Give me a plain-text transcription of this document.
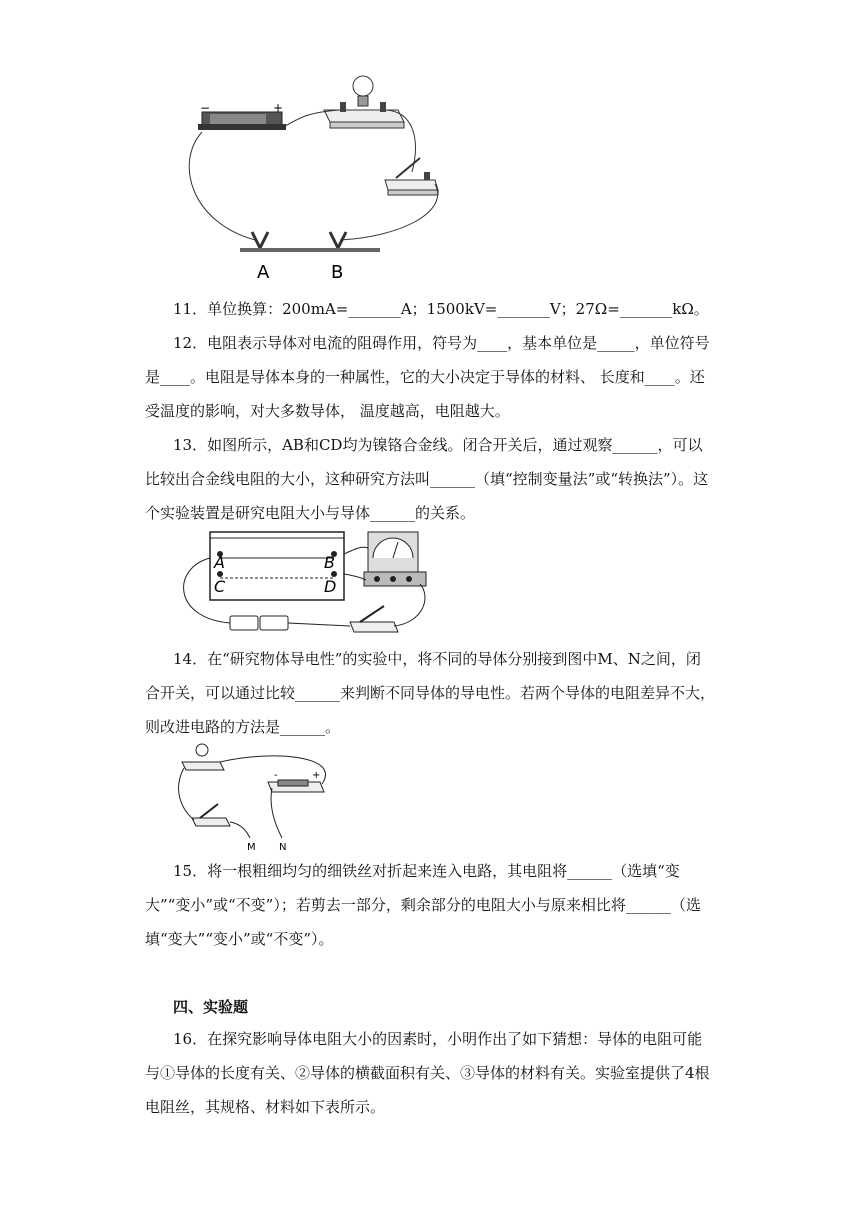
−	+
A	B
11．单位换算：200mA=_______A；1500kV=_______V；27Ω=_______kΩ。
12．电阻表示导体对电流的阻碍作用，符号为____，基本单位是_____，单位符号是____。电阻是导体本身的一种属性，它的大小决定于导体的材料、 长度和____。还受温度的影响，对大多数导体， 温度越高，电阻越大。
13．如图所示，AB和CD均为镍铬合金线。闭合开关后，通过观察______，可以比较出合金线电阻的大小，这种研究方法叫______（填“控制变量法”或“转换法”）。这个实验装置是研究电阻大小与导体______的关系。
A	B
C	D
14．在“研究物体导电性”的实验中，将不同的导体分别接到图中M、N之间，闭合开关，可以通过比较______来判断不同导体的导电性。若两个导体的电阻差异不大，则改进电路的方法是______。
-	+
M N
15．将一根粗细均匀的细铁丝对折起来连入电路，其电阻将______（选填“变大”“变小”或“不变”）；若剪去一部分，剩余部分的电阻大小与原来相比将______（选填“变大”“变小”或“不变”）。
四、实验题
16．在探究影响导体电阻大小的因素时，小明作出了如下猜想：导体的电阻可能与①导体的长度有关、②导体的横截面积有关、③导体的材料有关。实验室提供了4根电阻丝，其规格、材料如下表所示。
